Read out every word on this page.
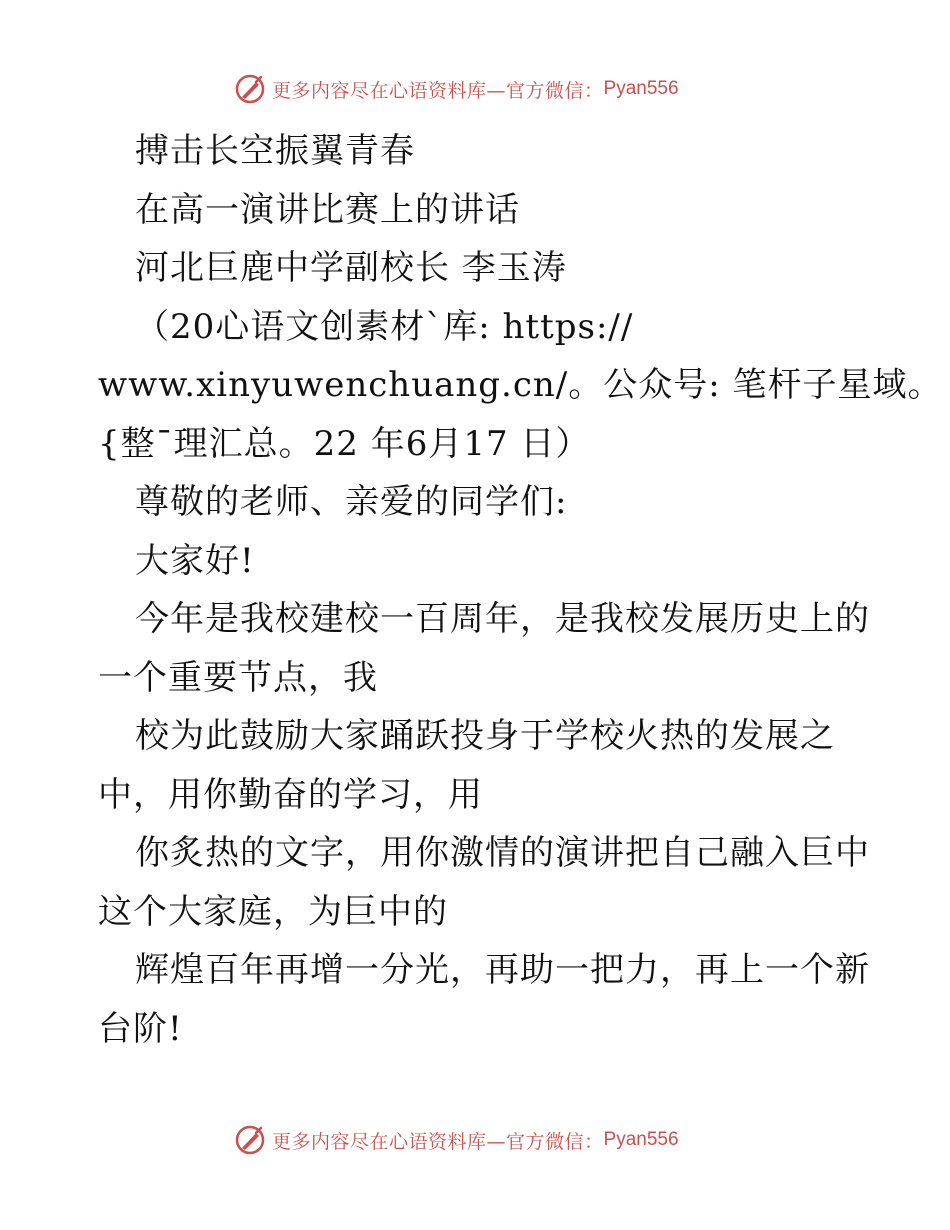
更多内容尽在心语资料库—官方微信： Pyan556
搏击长空振翼青春
在高一演讲比赛上的讲话
河北巨鹿中学副校长 李玉涛
（20心语文创素材`库: https://
www.xinyuwenchuang.cn/。公众号: 笔杆子星域。
{整¯理汇总。22 年6月17 日）
尊敬的老师、亲爱的同学们:
大家好!
今年是我校建校一百周年，是我校发展历史上的
一个重要节点，我
校为此鼓励大家踊跃投身于学校火热的发展之
中，用你勤奋的学习，用
你炙热的文字，用你激情的演讲把自己融入巨中
这个大家庭，为巨中的
辉煌百年再增一分光，再助一把力，再上一个新
台阶!
更多内容尽在心语资料库—官方微信： Pyan556
